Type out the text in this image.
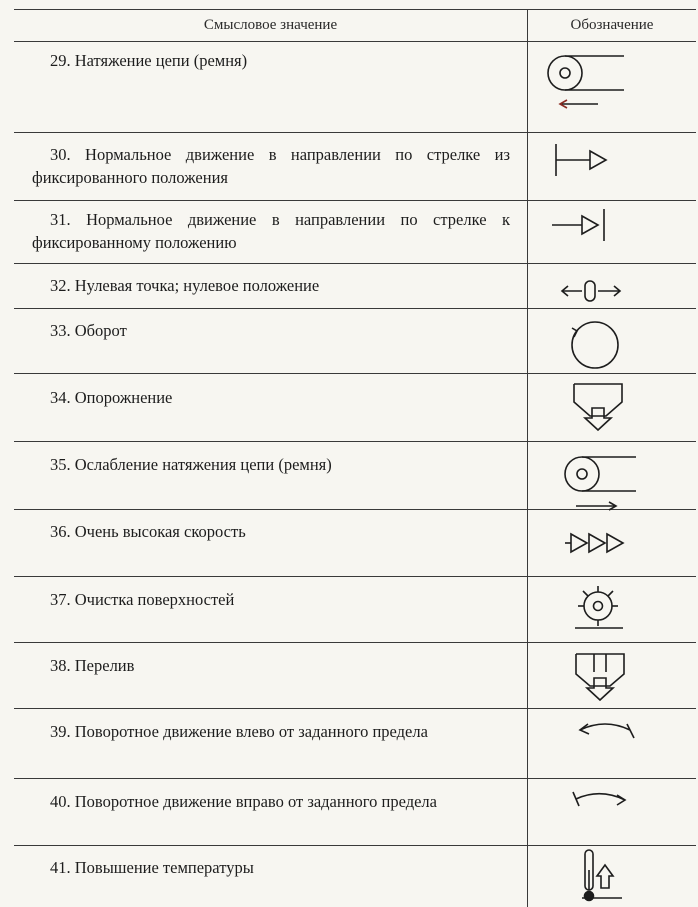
Смысловое значение	Обозначение
29. Натяжение цепи (ремня)
30. Нормальное движение в направлении по стрелке из фиксированного положения
31. Нормальное движение в направлении по стрелке к фиксированному положению
32. Нулевая точка; нулевое положение
33. Оборот
34. Опорожнение
35. Ослабление натяжения цепи (ремня)
36. Очень высокая скорость
37. Очистка поверхностей
38. Перелив
39. Поворотное движение влево от заданного предела
40. Поворотное движение вправо от заданного предела
41. Повышение температуры
